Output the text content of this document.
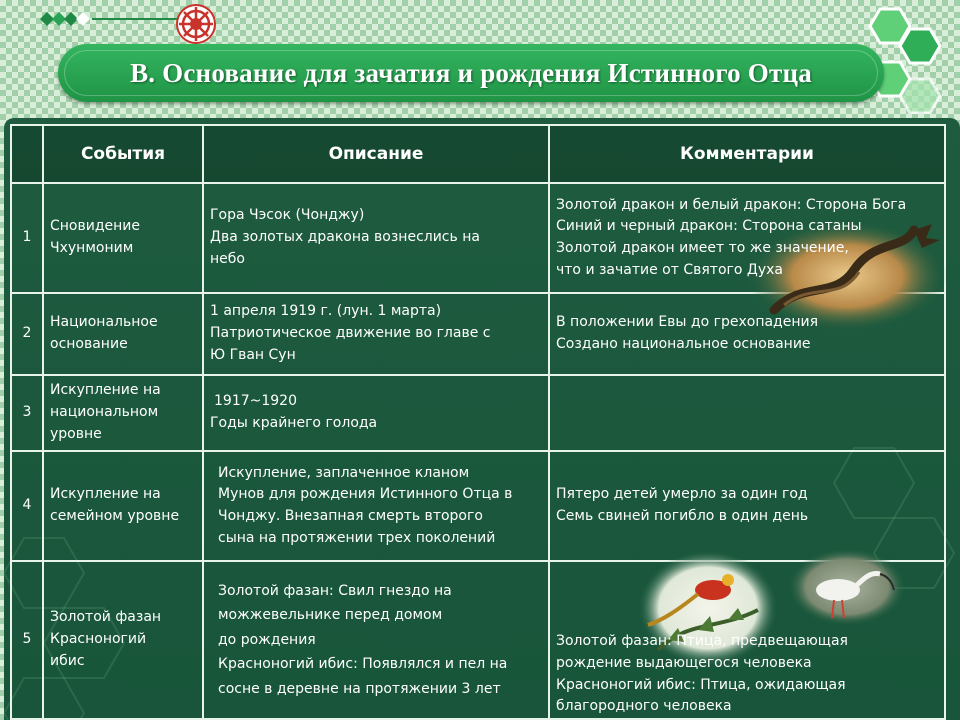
B. Основание для зачатия и рождения Истинного Отца
	События	Описание	Комментарии
1	Сновидение Чхунмоним	Гора Чэсок (Чонджу)
Два золотых дракона вознеслись на
небо	Золотой дракон и белый дракон: Сторона Бога
Синий и черный дракон: Сторона сатаны
Золотой дракон имеет то же значение,
что и зачатие от Святого Духа

2	Национальное основание	1 апреля 1919 г. (лун. 1 марта)
Патриотическое движение во главе с
Ю Гван Сун	В положении Евы до грехопадения
Создано национальное основание

3	Искупление на национальном уровне	1917~1920
Годы крайнего голода	

4	Искупление на семейном уровне	Искупление, заплаченное кланом
Мунов для рождения Истинного Отца в
Чонджу. Внезапная смерть второго
сына на протяжении трех поколений	Пятеро детей умерло за один год
Семь свиней погибло в один день

5	Золотой фазан
Красноногий
ибис	Золотой фазан: Свил гнездо на
можжевельнике перед домом
до рождения
Красноногий ибис: Появлялся и пел на
сосне в деревне на протяжении 3 лет	Золотой фазан: Птица, предвещающая
рождение выдающегося человека
Красноногий ибис: Птица, ожидающая
благородного человека
